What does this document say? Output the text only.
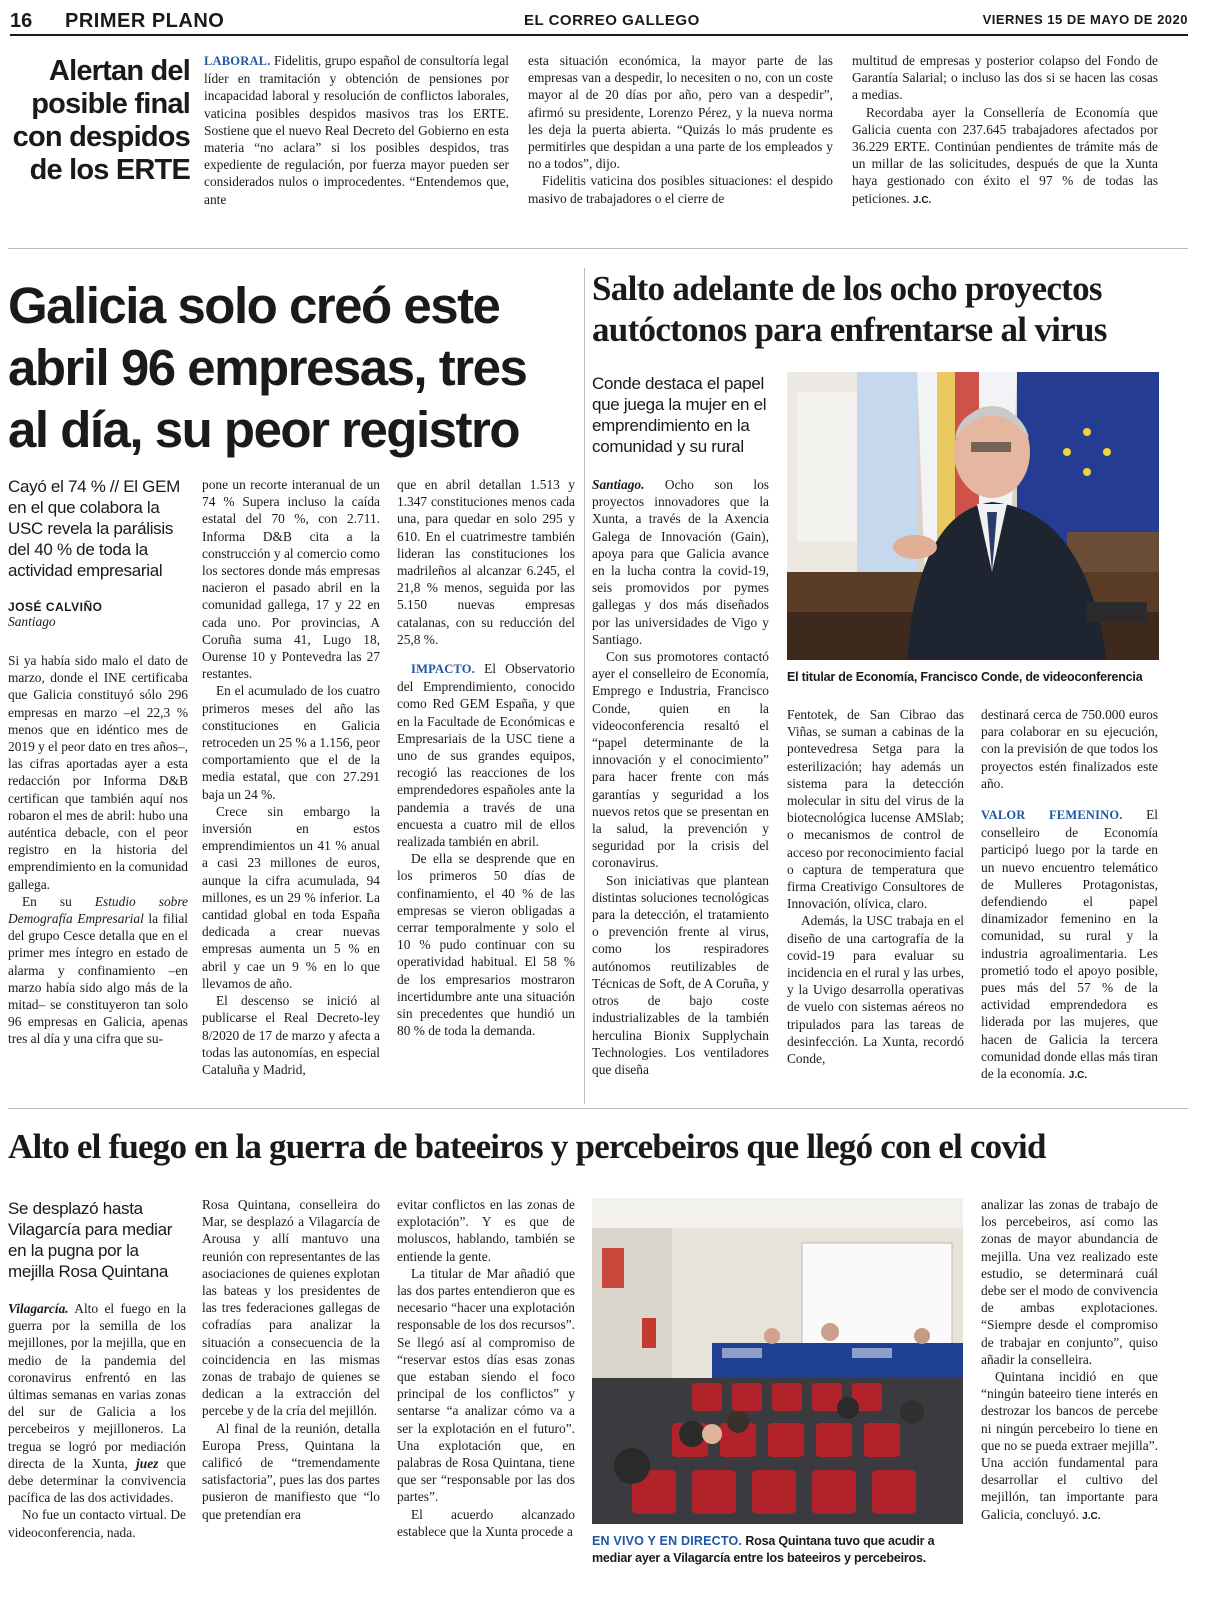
16 PRIMER PLANO	EL CORREO GALLEGO	VIERNES 15 DE MAYO DE 2020
Alertan del posible final con despidos de los ERTE

LABORAL. Fidelitis, grupo español de consultoría legal líder en tramitación y obtención de pensiones por incapacidad laboral y resolución de conflictos laborales, vaticina posibles despidos masivos tras los ERTE. Sostiene que el nuevo Real Decreto del Gobierno en esta materia “no aclara” si los posibles despidos, tras expediente de regulación, por fuerza mayor pueden ser considerados nulos o improcedentes. “Entendemos que, ante

esta situación económica, la mayor parte de las empresas van a despedir, lo necesiten o no, con un coste mayor al de 20 días por año, pero van a despedir”, afirmó su presidente, Lorenzo Pérez, y la nueva norma les deja la puerta abierta. “Quizás lo más prudente es permitirles que despidan a una parte de los empleados y no a todos”, dijo.

Fidelitis vaticina dos posibles situaciones: el despido masivo de trabajadores o el cierre de

multitud de empresas y posterior colapso del Fondo de Garantía Salarial; o incluso las dos si se hacen las cosas a medias.

Recordaba ayer la Consellería de Economía que Galicia cuenta con 237.645 trabajadores afectados por 36.229 ERTE. Continúan pendientes de trámite más de un millar de las solicitudes, después de que la Xunta haya gestionado con éxito el 97 % de todas las peticiones. J.C.

Galicia solo creó este abril 96 empresas, tres al día, su peor registro
Cayó el 74 % // El GEM en el que colabora la USC revela la parálisis del 40 % de toda la actividad empresarial
JOSÉ CALVIÑO
Santiago

Si ya había sido malo el dato de marzo, donde el INE certificaba que Galicia constituyó sólo 296 empresas en marzo –el 22,3 % menos que en idéntico mes de 2019 y el peor dato en tres años–, las cifras aportadas ayer a esta redacción por Informa D&B certifican que también aquí nos robaron el mes de abril: hubo una auténtica debacle, con el peor registro en la historia del emprendimiento en la comunidad gallega.

En su Estudio sobre Demografía Empresarial la filial del grupo Cesce detalla que en el primer mes íntegro en estado de alarma y confinamiento –en marzo había sido algo más de la mitad– se constituyeron tan solo 96 empresas en Galicia, apenas tres al día y una cifra que su-

pone un recorte interanual de un 74 % Supera incluso la caída estatal del 70 %, con 2.711. Informa D&B cita a la construcción y al comercio como los sectores donde más empresas nacieron el pasado abril en la comunidad gallega, 17 y 22 en cada uno. Por provincias, A Coruña suma 41, Lugo 18, Ourense 10 y Pontevedra las 27 restantes.

En el acumulado de los cuatro primeros meses del año las constituciones en Galicia retroceden un 25 % a 1.156, peor comportamiento que el de la media estatal, que con 27.291 baja un 24 %.

Crece sin embargo la inversión en estos emprendimientos un 41 % anual a casi 23 millones de euros, aunque la cifra acumulada, 94 millones, es un 29 % inferior. La cantidad global en toda España dedicada a crear nuevas empresas aumenta un 5 % en abril y cae un 9 % en lo que llevamos de año.

El descenso se inició al publicarse el Real Decreto-ley 8/2020 de 17 de marzo y afecta a todas las autonomías, en especial Cataluña y Madrid,

que en abril detallan 1.513 y 1.347 constituciones menos cada una, para quedar en solo 295 y 610. En el cuatrimestre también lideran las constituciones los madrileños al alcanzar 6.245, el 21,8 % menos, seguida por las 5.150 nuevas empresas catalanas, con su reducción del 25,8 %.

IMPACTO. El Observatorio del Emprendimiento, conocido como Red GEM España, y que en la Facultade de Económicas e Empresariais de la USC tiene a uno de sus grandes equipos, recogió las reacciones de los emprendedores españoles ante la pandemia a través de una encuesta a cuatro mil de ellos realizada también en abril.

De ella se desprende que en los primeros 50 días de confinamiento, el 40 % de las empresas se vieron obligadas a cerrar temporalmente y solo el 10 % pudo continuar con su operatividad habitual. El 58 % de los empresarios mostraron incertidumbre ante una situación sin precedentes que hundió un 80 % de toda la demanda.

Salto adelante de los ocho proyectos autóctonos para enfrentarse al virus
Conde destaca el papel que juega la mujer en el emprendimiento en la comunidad y su rural
El titular de Economía, Francisco Conde, de videoconferencia

Santiago. Ocho son los proyectos innovadores que la Xunta, a través de la Axencia Galega de Innovación (Gain), apoya para que Galicia avance en la lucha contra la covid-19, seis promovidos por pymes gallegas y dos más diseñados por las universidades de Vigo y Santiago.

Con sus promotores contactó ayer el conselleiro de Economía, Emprego e Industria, Francisco Conde, quien en la videoconferencia resaltó el “papel determinante de la innovación y el conocimiento” para hacer frente con más garantías y seguridad a los nuevos retos que se presentan en la salud, la prevención y seguridad por la crisis del coronavirus.

Son iniciativas que plantean distintas soluciones tecnológicas para la detección, el tratamiento o prevención frente al virus, como los respiradores autónomos reutilizables de Técnicas de Soft, de A Coruña, y otros de bajo coste industrializables de la también herculina Bionix Supplychain Technologies. Los ventiladores que diseña

Fentotek, de San Cibrao das Viñas, se suman a cabinas de la pontevedresa Setga para la esterilización; hay además un sistema para la detección molecular in situ del virus de la biotecnológica lucense AMSlab; o mecanismos de control de acceso por reconocimiento facial o captura de temperatura que firma Creativigo Consultores de Innovación, olívica, claro.

Además, la USC trabaja en el diseño de una cartografía de la covid-19 para evaluar su incidencia en el rural y las urbes, y la Uvigo desarrolla operativas de vuelo con sistemas aéreos no tripulados para las tareas de desinfección. La Xunta, recordó Conde,

destinará cerca de 750.000 euros para colaborar en su ejecución, con la previsión de que todos los proyectos estén finalizados este año.

VALOR FEMENINO. El conselleiro de Economía participó luego por la tarde en un nuevo encuentro telemático de Mulleres Protagonistas, defendiendo el papel dinamizador femenino en la comunidad, su rural y la industria agroalimentaria. Les prometió todo el apoyo posible, pues más del 57 % de la actividad emprendedora es liderada por las mujeres, que hacen de Galicia la tercera comunidad donde ellas más tiran de la economía. J.C.

Alto el fuego en la guerra de bateeiros y percebeiros que llegó con el covid
Se desplazó hasta Vilagarcía para mediar en la pugna por la mejilla Rosa Quintana

Vilagarcía. Alto el fuego en la guerra por la semilla de los mejillones, por la mejilla, que en medio de la pandemia del coronavirus enfrentó en las últimas semanas en varias zonas del sur de Galicia a los percebeiros y mejilloneros. La tregua se logró por mediación directa de la Xunta, juez que debe determinar la convivencia pacífica de las dos actividades.

No fue un contacto virtual. De videoconferencia, nada.

Rosa Quintana, conselleira do Mar, se desplazó a Vilagarcía de Arousa y allí mantuvo una reunión con representantes de las asociaciones de quienes explotan las bateas y los presidentes de las tres federaciones gallegas de cofradías para analizar la situación a consecuencia de la coincidencia en las mismas zonas de trabajo de quienes se dedican a la extracción del percebe y de la cría del mejillón.

Al final de la reunión, detalla Europa Press, Quintana la calificó de “tremendamente satisfactoria”, pues las dos partes pusieron de manifiesto que “lo que pretendían era

evitar conflictos en las zonas de explotación”. Y es que de moluscos, hablando, también se entiende la gente.

La titular de Mar añadió que las dos partes entendieron que es necesario “hacer una explotación responsable de los dos recursos”. Se llegó así al compromiso de “reservar estos días esas zonas que estaban siendo el foco principal de los conflictos” y sentarse “a analizar cómo va a ser la explotación en el futuro”. Una explotación que, en palabras de Rosa Quintana, tiene que ser “responsable por las dos partes”.

El acuerdo alcanzado establece que la Xunta procede a

EN VIVO Y EN DIRECTO. Rosa Quintana tuvo que acudir a mediar ayer a Vilagarcía entre los bateeiros y percebeiros.

analizar las zonas de trabajo de los percebeiros, así como las zonas de mayor abundancia de mejilla. Una vez realizado este estudio, se determinará cuál debe ser el modo de convivencia de ambas explotaciones. “Siempre desde el compromiso de trabajar en conjunto”, quiso añadir la conselleira.

Quintana incidió en que “ningún bateeiro tiene interés en destrozar los bancos de percebe ni ningún percebeiro lo tiene en que no se pueda extraer mejilla”. Una acción fundamental para desarrollar el cultivo del mejillón, tan importante para Galicia, concluyó. J.C.
